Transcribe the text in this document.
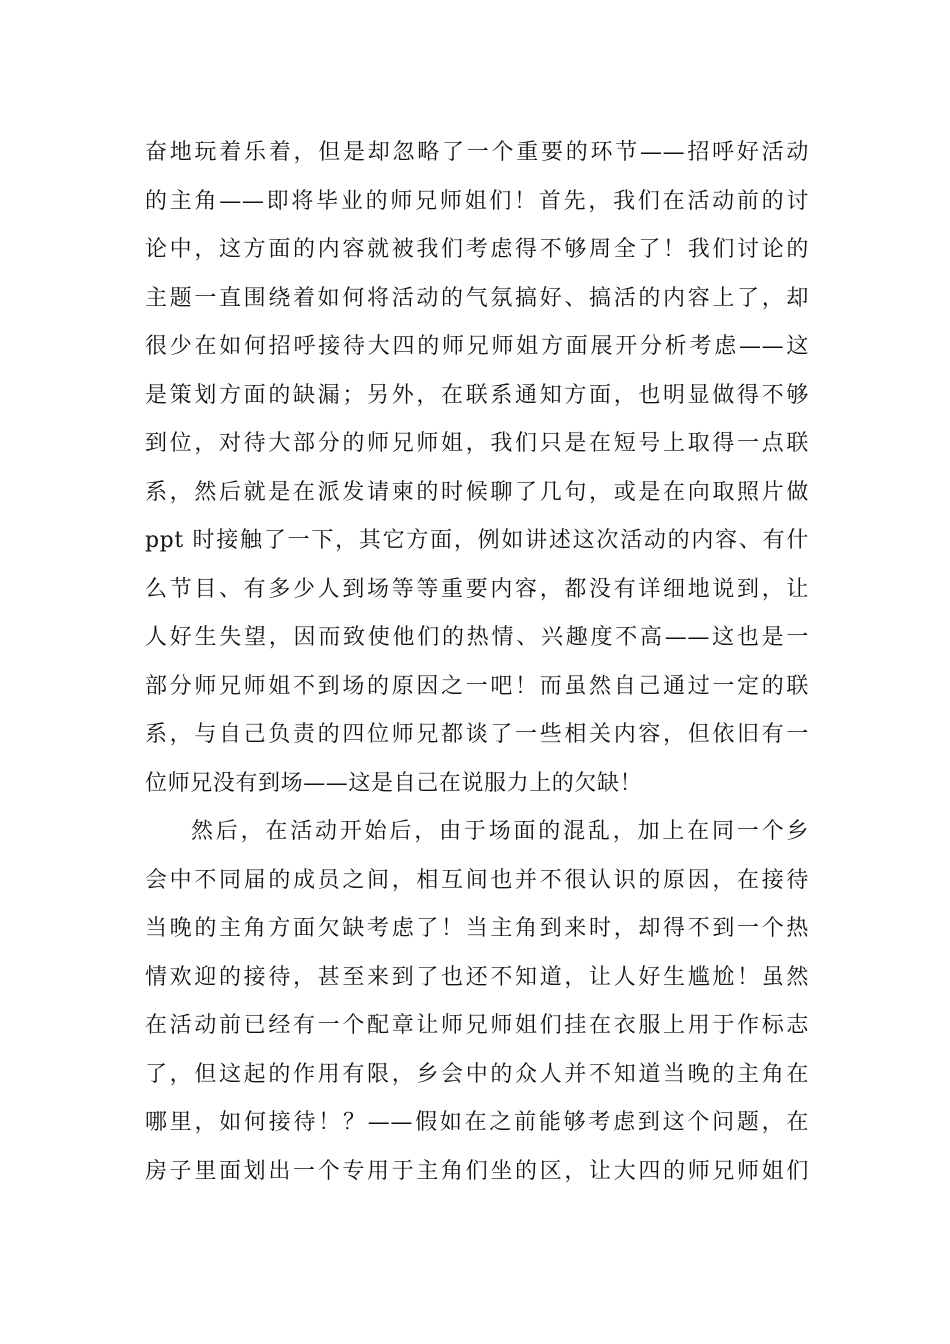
奋地玩着乐着，但是却忽略了一个重要的环节——招呼好活动
的主角——即将毕业的师兄师姐们！首先，我们在活动前的讨
论中，这方面的内容就被我们考虑得不够周全了！我们讨论的
主题一直围绕着如何将活动的气氛搞好、搞活的内容上了，却
很少在如何招呼接待大四的师兄师姐方面展开分析考虑——这
是策划方面的缺漏；另外，在联系通知方面，也明显做得不够
到位，对待大部分的师兄师姐，我们只是在短号上取得一点联
系，然后就是在派发请柬的时候聊了几句，或是在向取照片做
ppt 时接触了一下，其它方面，例如讲述这次活动的内容、有什
么节目、有多少人到场等等重要内容，都没有详细地说到，让
人好生失望，因而致使他们的热情、兴趣度不高——这也是一
部分师兄师姐不到场的原因之一吧！而虽然自己通过一定的联
系，与自己负责的四位师兄都谈了一些相关内容，但依旧有一
位师兄没有到场——这是自己在说服力上的欠缺！
然后，在活动开始后，由于场面的混乱，加上在同一个乡
会中不同届的成员之间，相互间也并不很认识的原因，在接待
当晚的主角方面欠缺考虑了！当主角到来时，却得不到一个热
情欢迎的接待，甚至来到了也还不知道，让人好生尴尬！虽然
在活动前已经有一个配章让师兄师姐们挂在衣服上用于作标志
了，但这起的作用有限，乡会中的众人并不知道当晚的主角在
哪里，如何接待！？——假如在之前能够考虑到这个问题，在
房子里面划出一个专用于主角们坐的区，让大四的师兄师姐们
